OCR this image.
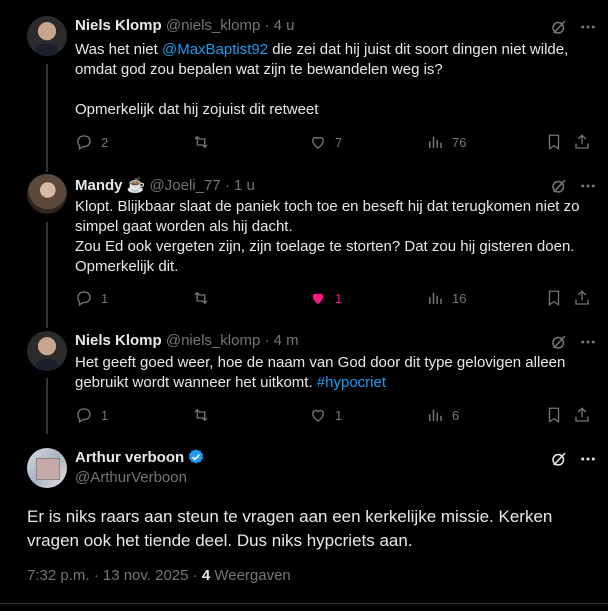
Niels Klomp @niels_klomp · 4 u
Was het niet @MaxBaptist92 die zei dat hij juist dit soort dingen niet wilde, omdat god zou bepalen wat zijn te bewandelen weg is?

Opmerkelijk dat hij zojuist dit retweet
2	7	76
Mandy ☕ @Joeli_77 · 1 u
Klopt. Blijkbaar slaat de paniek toch toe en beseft hij dat terugkomen niet zo simpel gaat worden als hij dacht.
Zou Ed ook vergeten zijn, zijn toelage te storten? Dat zou hij gisteren doen.
Opmerkelijk dit.
1	1	16
Niels Klomp @niels_klomp · 4 m
Het geeft goed weer, hoe de naam van God door dit type gelovigen alleen gebruikt wordt wanneer het uitkomt. #hypocriet
1	1	6
Arthur verboon
@ArthurVerboon
Er is niks raars aan steun te vragen aan een kerkelijke missie. Kerken vragen ook het tiende deel. Dus niks hypcriets aan.
7:32 p.m. · 13 nov. 2025 · 4 Weergaven
